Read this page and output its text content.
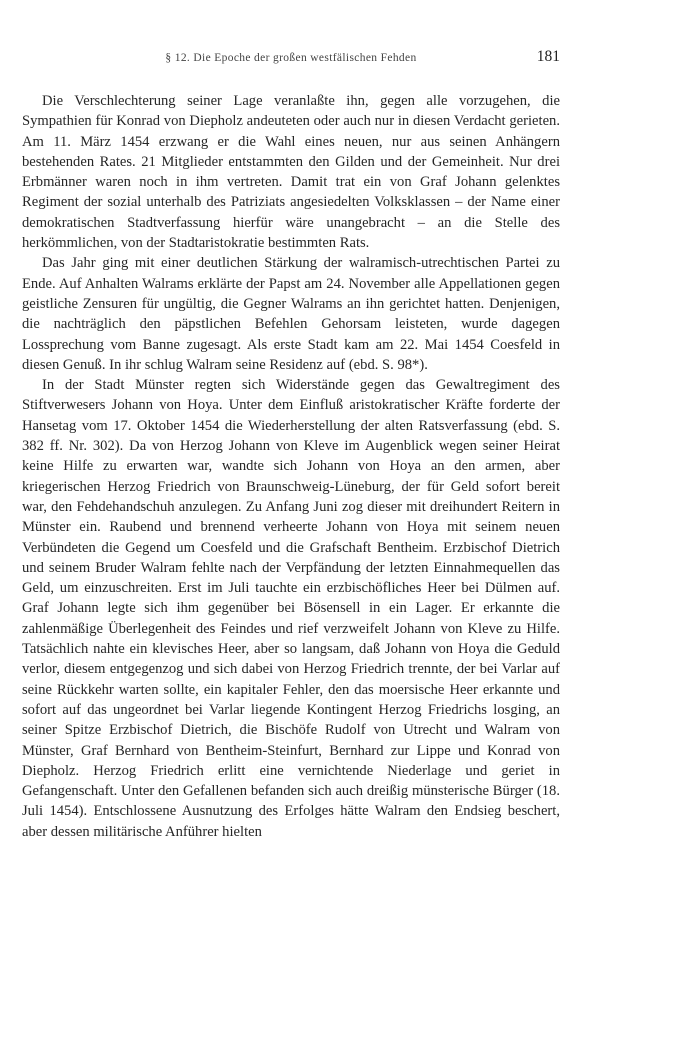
§ 12. Die Epoche der großen westfälischen Fehden	181

Die Verschlechterung seiner Lage veranlaßte ihn, gegen alle vorzugehen, die Sympathien für Konrad von Diepholz andeuteten oder auch nur in diesen Verdacht gerieten. Am 11. März 1454 erzwang er die Wahl eines neuen, nur aus seinen Anhängern bestehenden Rates. 21 Mitglieder entstammten den Gilden und der Gemeinheit. Nur drei Erbmänner waren noch in ihm vertreten. Damit trat ein von Graf Johann gelenktes Regiment der sozial unterhalb des Patriziats angesiedelten Volksklassen – der Name einer demokratischen Stadtverfassung hierfür wäre unangebracht – an die Stelle des herkömmlichen, von der Stadtaristokratie bestimmten Rats.

Das Jahr ging mit einer deutlichen Stärkung der walramisch-utrechtischen Partei zu Ende. Auf Anhalten Walrams erklärte der Papst am 24. November alle Appellationen gegen geistliche Zensuren für ungültig, die Gegner Walrams an ihn gerichtet hatten. Denjenigen, die nachträglich den päpstlichen Befehlen Gehorsam leisteten, wurde dagegen Lossprechung vom Banne zugesagt. Als erste Stadt kam am 22. Mai 1454 Coesfeld in diesen Genuß. In ihr schlug Walram seine Residenz auf (ebd. S. 98*).

In der Stadt Münster regten sich Widerstände gegen das Gewaltregiment des Stiftverwesers Johann von Hoya. Unter dem Einfluß aristokratischer Kräfte forderte der Hansetag vom 17. Oktober 1454 die Wiederherstellung der alten Ratsverfassung (ebd. S. 382 ff. Nr. 302). Da von Herzog Johann von Kleve im Augenblick wegen seiner Heirat keine Hilfe zu erwarten war, wandte sich Johann von Hoya an den armen, aber kriegerischen Herzog Friedrich von Braunschweig-Lüneburg, der für Geld sofort bereit war, den Fehdehandschuh anzulegen. Zu Anfang Juni zog dieser mit dreihundert Reitern in Münster ein. Raubend und brennend verheerte Johann von Hoya mit seinem neuen Verbündeten die Gegend um Coesfeld und die Grafschaft Bentheim. Erzbischof Dietrich und seinem Bruder Walram fehlte nach der Verpfändung der letzten Einnahmequellen das Geld, um einzuschreiten. Erst im Juli tauchte ein erzbischöfliches Heer bei Dülmen auf. Graf Johann legte sich ihm gegenüber bei Bösensell in ein Lager. Er erkannte die zahlenmäßige Überlegenheit des Feindes und rief verzweifelt Johann von Kleve zu Hilfe. Tatsächlich nahte ein klevisches Heer, aber so langsam, daß Johann von Hoya die Geduld verlor, diesem entgegenzog und sich dabei von Herzog Friedrich trennte, der bei Varlar auf seine Rückkehr warten sollte, ein kapitaler Fehler, den das moersische Heer erkannte und sofort auf das ungeordnet bei Varlar liegende Kontingent Herzog Friedrichs losging, an seiner Spitze Erzbischof Dietrich, die Bischöfe Rudolf von Utrecht und Walram von Münster, Graf Bernhard von Bentheim-Steinfurt, Bernhard zur Lippe und Konrad von Diepholz. Herzog Friedrich erlitt eine vernichtende Niederlage und geriet in Gefangenschaft. Unter den Gefallenen befanden sich auch dreißig münsterische Bürger (18. Juli 1454). Entschlossene Ausnutzung des Erfolges hätte Walram den Endsieg beschert, aber dessen militärische Anführer hielten
